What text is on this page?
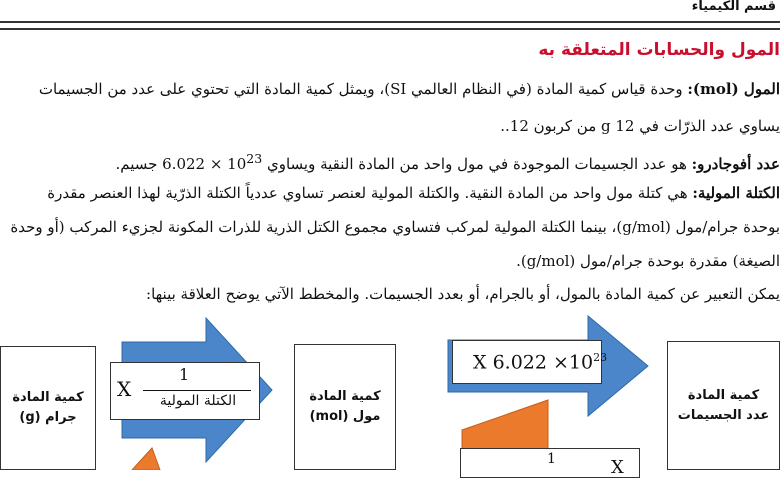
قسم الكيمياء
المول والحسابات المتعلقة به
المول (mol): وحدة قياس كمية المادة (في النظام العالمي SI)، ويمثل كمية المادة التي تحتوي على عدد من الجسيمات
يساوي عدد الذرّات في g 12 من كربون ‎.12.
عدد أفوجادرو: هو عدد الجسيمات الموجودة في مول واحد من المادة النقية ويساوي $6.022 \times 10^{23}$ جسيم.
الكتلة المولية: هي كتلة مول واحد من المادة النقية. والكتلة المولية لعنصر تساوي عددياً الكتلة الذرّية لهذا العنصر مقدرة
بوحدة جرام/مول (g/mol)، بينما الكتلة المولية لمركب فتساوي مجموع الكتل الذرية للذرات المكونة لجزيء المركب (أو وحدة
الصيغة) مقدرة بوحدة جرام/مول (g/mol).
يمكن التعبير عن كمية المادة بالمول، أو بالجرام، أو بعدد الجسيمات. والمخطط الآتي يوضح العلاقة بينها:
كمية المادة
جرام (g)
كمية المادة
مول (mol)
كمية المادة
عدد الجسيمات
X
1
الكتلة المولية
X $6.022 \times 10^{23}$
1	X
